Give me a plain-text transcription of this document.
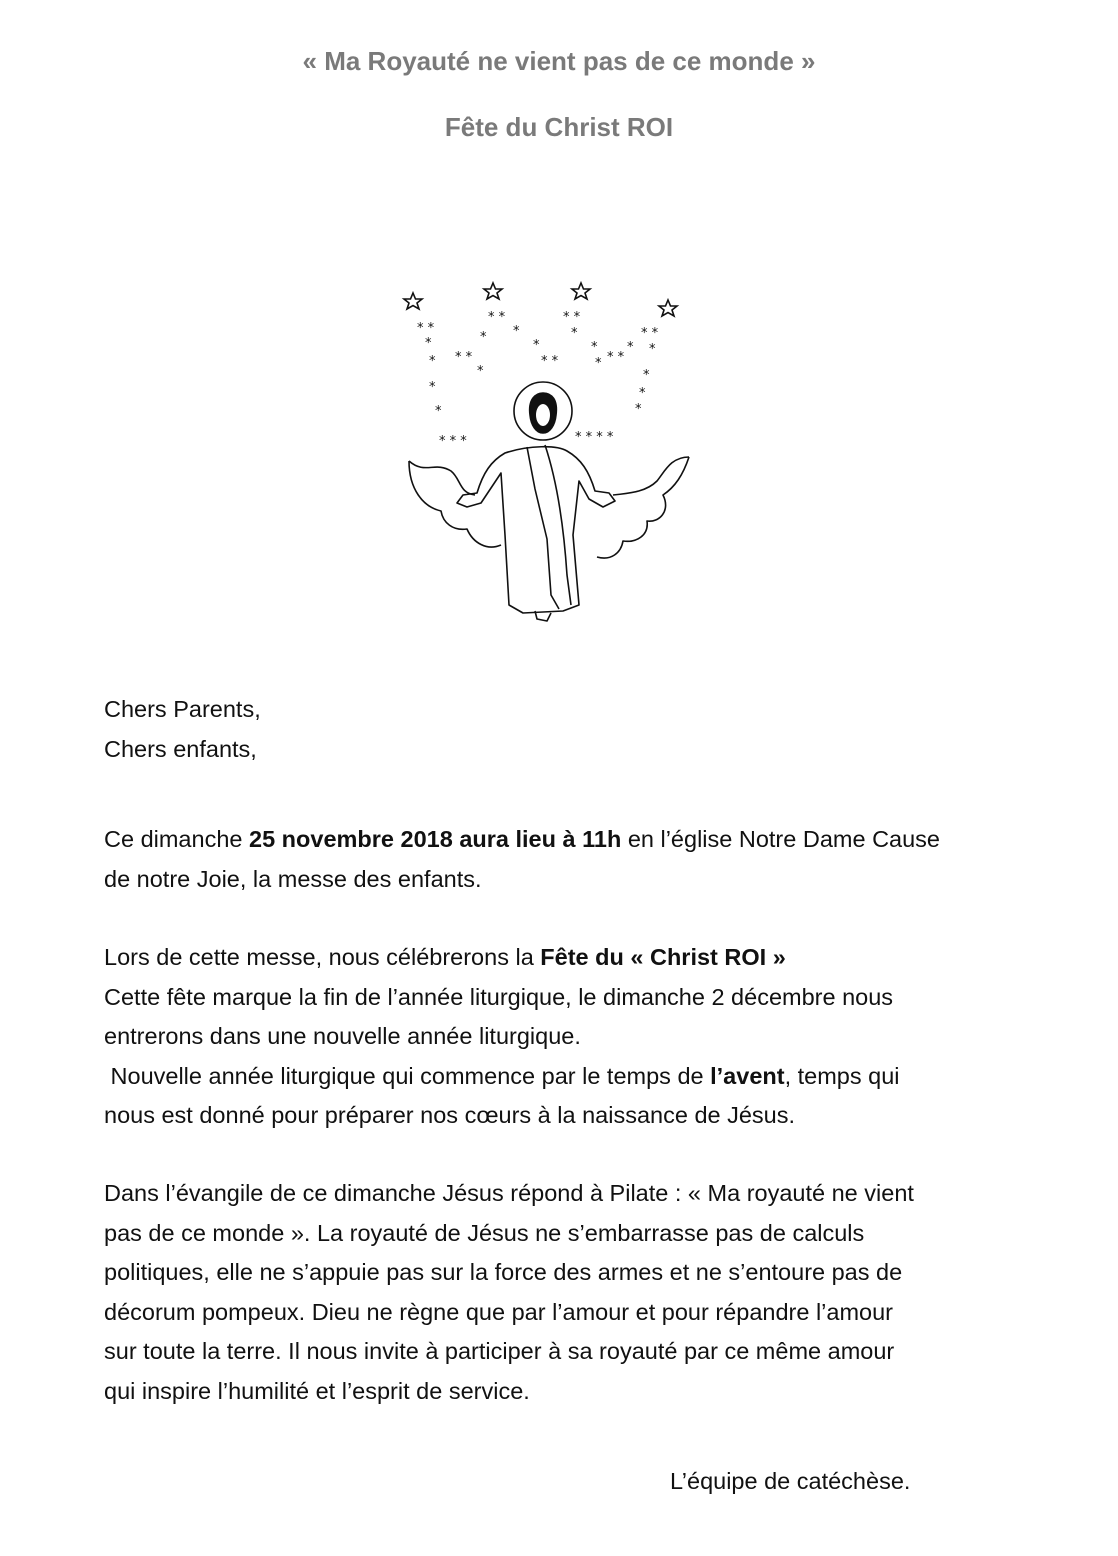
« Ma Royauté ne vient pas de ce monde »
Fête du Christ ROI
* *
*
* * *
*
* *
*
*
*
* *
* *
*
*
* * *
*
* *
*
*
*
*
*
*
* * *	* * * *
Chers Parents,
Chers enfants,
Ce dimanche 25 novembre 2018 aura lieu à 11h en l’église Notre Dame Cause
de notre Joie, la messe des enfants.
Lors de cette messe, nous célébrerons la Fête du « Christ ROI »
Cette fête marque la fin de l’année liturgique, le dimanche 2 décembre nous
entrerons dans une nouvelle année liturgique.
Nouvelle année liturgique qui commence par le temps de l’avent, temps qui
nous est donné pour préparer nos cœurs à la naissance de Jésus.
Dans l’évangile de ce dimanche Jésus répond à Pilate : « Ma royauté ne vient
pas de ce monde ». La royauté de Jésus ne s’embarrasse pas de calculs
politiques, elle ne s’appuie pas sur la force des armes et ne s’entoure pas de
décorum pompeux. Dieu ne règne que par l’amour et pour répandre l’amour
sur toute la terre. Il nous invite à participer à sa royauté par ce même amour
qui inspire l’humilité et l’esprit de service.

L’équipe de catéchèse.
